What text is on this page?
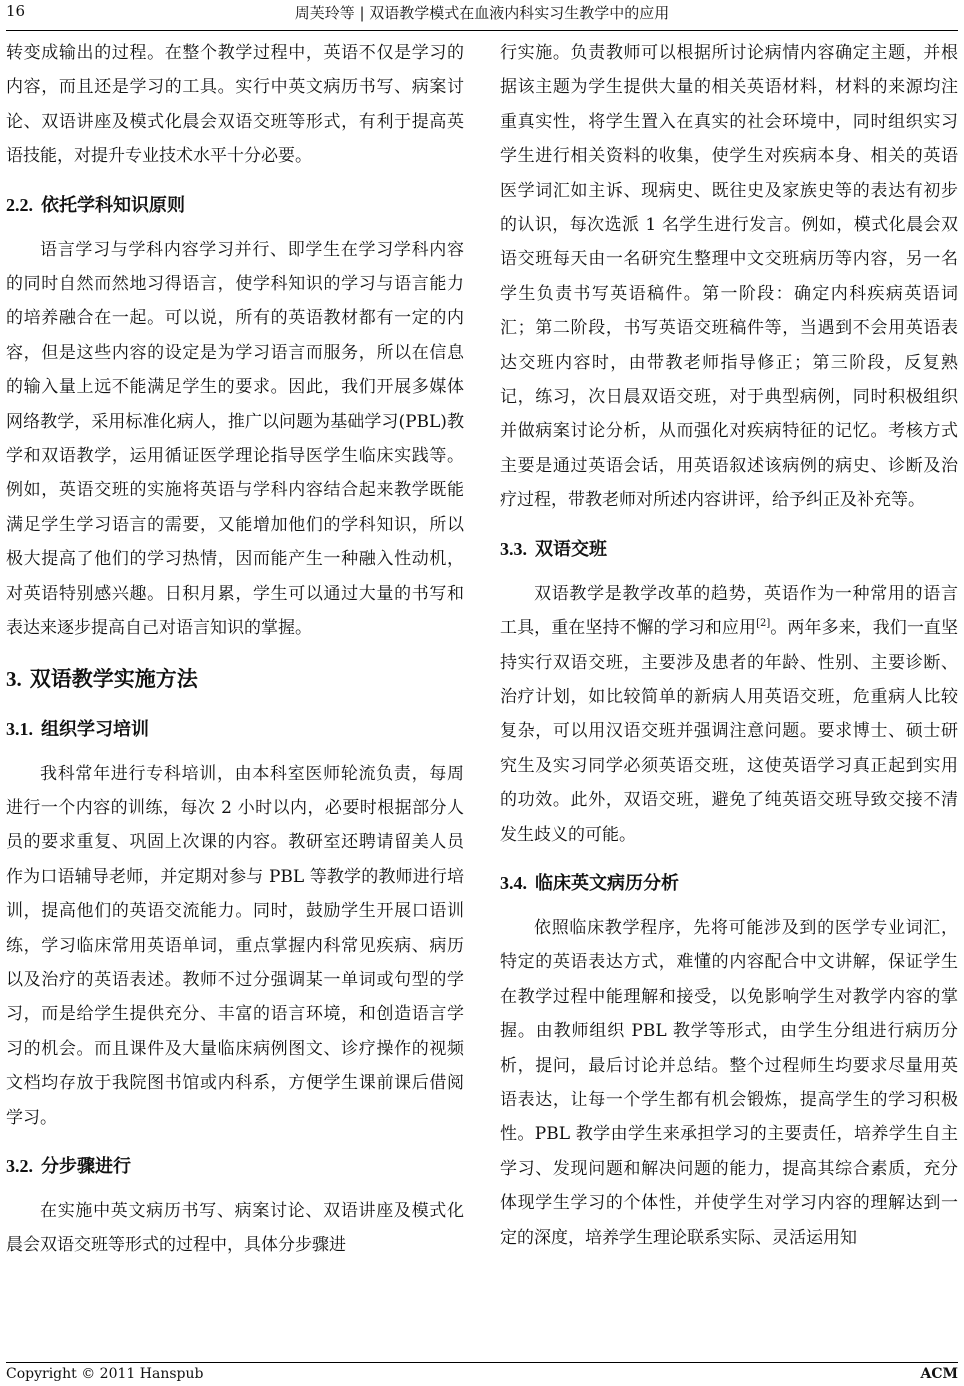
16	周芙玲等 | 双语教学模式在血液内科实习生教学中的应用

转变成输出的过程。在整个教学过程中，英语不仅是学习的内容，而且还是学习的工具。实行中英文病历书写、病案讨论、双语讲座及模式化晨会双语交班等形式，有利于提高英语技能，对提升专业技术水平十分必要。

2.2. 依托学科知识原则

语言学习与学科内容学习并行、即学生在学习学科内容的同时自然而然地习得语言，使学科知识的学习与语言能力的培养融合在一起。可以说，所有的英语教材都有一定的内容，但是这些内容的设定是为学习语言而服务，所以在信息的输入量上远不能满足学生的要求。因此，我们开展多媒体网络教学，采用标准化病人，推广以问题为基础学习(PBL)教学和双语教学，运用循证医学理论指导医学生临床实践等。例如，英语交班的实施将英语与学科内容结合起来教学既能满足学生学习语言的需要，又能增加他们的学科知识，所以极大提高了他们的学习热情，因而能产生一种融入性动机，对英语特别感兴趣。日积月累，学生可以通过大量的书写和表达来逐步提高自己对语言知识的掌握。

3. 双语教学实施方法
3.1. 组织学习培训

我科常年进行专科培训，由本科室医师轮流负责，每周进行一个内容的训练，每次 2 小时以内，必要时根据部分人员的要求重复、巩固上次课的内容。教研室还聘请留美人员作为口语辅导老师，并定期对参与 PBL 等教学的教师进行培训，提高他们的英语交流能力。同时，鼓励学生开展口语训练，学习临床常用英语单词，重点掌握内科常见疾病、病历以及治疗的英语表述。教师不过分强调某一单词或句型的学习，而是给学生提供充分、丰富的语言环境，和创造语言学习的机会。而且课件及大量临床病例图文、诊疗操作的视频文档均存放于我院图书馆或内科系，方便学生课前课后借阅学习。

3.2. 分步骤进行

在实施中英文病历书写、病案讨论、双语讲座及模式化晨会双语交班等形式的过程中，具体分步骤进

行实施。负责教师可以根据所讨论病情内容确定主题，并根据该主题为学生提供大量的相关英语材料，材料的来源均注重真实性，将学生置入在真实的社会环境中，同时组织实习学生进行相关资料的收集，使学生对疾病本身、相关的英语医学词汇如主诉、现病史、既往史及家族史等的表达有初步的认识，每次选派 1 名学生进行发言。例如，模式化晨会双语交班每天由一名研究生整理中文交班病历等内容，另一名学生负责书写英语稿件。第一阶段：确定内科疾病英语词汇；第二阶段，书写英语交班稿件等，当遇到不会用英语表达交班内容时，由带教老师指导修正；第三阶段，反复熟记，练习，次日晨双语交班，对于典型病例，同时积极组织并做病案讨论分析，从而强化对疾病特征的记忆。考核方式主要是通过英语会话，用英语叙述该病例的病史、诊断及治疗过程，带教老师对所述内容讲评，给予纠正及补充等。

3.3. 双语交班

双语教学是教学改革的趋势，英语作为一种常用的语言工具，重在坚持不懈的学习和应用[2]。两年多来，我们一直坚持实行双语交班，主要涉及患者的年龄、性别、主要诊断、治疗计划，如比较简单的新病人用英语交班，危重病人比较复杂，可以用汉语交班并强调注意问题。要求博士、硕士研究生及实习同学必须英语交班，这使英语学习真正起到实用的功效。此外，双语交班，避免了纯英语交班导致交接不清发生歧义的可能。

3.4. 临床英文病历分析

依照临床教学程序，先将可能涉及到的医学专业词汇，特定的英语表达方式，难懂的内容配合中文讲解，保证学生在教学过程中能理解和接受，以免影响学生对教学内容的掌握。由教师组织 PBL 教学等形式，由学生分组进行病历分析，提问，最后讨论并总结。整个过程师生均要求尽量用英语表达，让每一个学生都有机会锻炼，提高学生的学习积极性。PBL 教学由学生来承担学习的主要责任，培养学生自主学习、发现问题和解决问题的能力，提高其综合素质，充分体现学生学习的个体性，并使学生对学习内容的理解达到一定的深度，培养学生理论联系实际、灵活运用知

Copyright © 2011 Hanspub	ACM
